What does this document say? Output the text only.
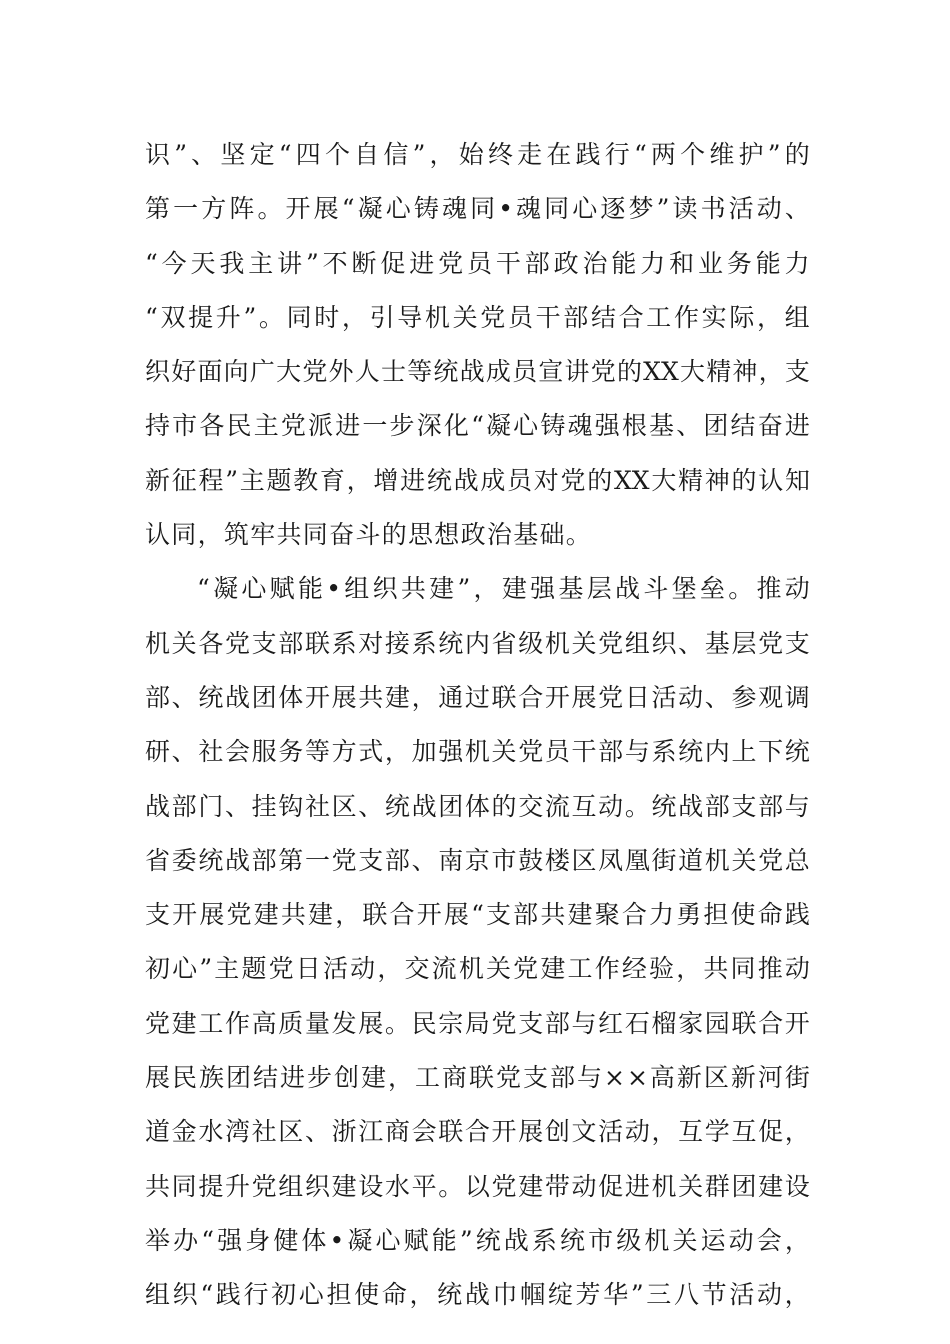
识 ” 、 坚 定 “ 四 个 自 信 ” ， 始 终 走 在 践 行 “ 两 个 维 护 ” 的
第 一 方 阵 。 开 展 “ 凝 心 铸 魂 同 • 魂 同 心 逐 梦 ” 读 书 活 动 、
“ 今 天 我 主 讲 ” 不 断 促 进 党 员 干 部 政 治 能 力 和 业 务 能 力
“ 双 提 升 ” 。 同 时 ， 引 导 机 关 党 员 干 部 结 合 工 作 实 际 ， 组
织 好 面 向 广 大 党 外 人 士 等 统 战 成 员 宣 讲 党 的 XX 大 精 神 ， 支
持 市 各 民 主 党 派 进 一 步 深 化 “ 凝 心 铸 魂 强 根 基 、 团 结 奋 进
新 征 程 ” 主 题 教 育 ， 增 进 统 战 成 员 对 党 的 XX 大 精 神 的 认 知
认同，筑牢共同奋斗的思想政治基础。
“ 凝 心 赋 能 • 组 织 共 建 ” ， 建 强 基 层 战 斗 堡 垒 。 推 动
机 关 各 党 支 部 联 系 对 接 系 统 内 省 级 机 关 党 组 织 、 基 层 党 支
部 、 统 战 团 体 开 展 共 建 ， 通 过 联 合 开 展 党 日 活 动 、 参 观 调
研 、 社 会 服 务 等 方 式 ， 加 强 机 关 党 员 干 部 与 系 统 内 上 下 统
战 部 门 、 挂 钩 社 区 、 统 战 团 体 的 交 流 互 动 。 统 战 部 支 部 与
省 委 统 战 部 第 一 党 支 部 、 南 京 市 鼓 楼 区 凤 凰 街 道 机 关 党 总
支 开 展 党 建 共 建 ， 联 合 开 展 “ 支 部 共 建 聚 合 力 勇 担 使 命 践
初 心 ” 主 题 党 日 活 动 ， 交 流 机 关 党 建 工 作 经 验 ， 共 同 推 动
党 建 工 作 高 质 量 发 展 。 民 宗 局 党 支 部 与 红 石 榴 家 园 联 合 开
展 民 族 团 结 进 步 创 建 ， 工 商 联 党 支 部 与 × × 高 新 区 新 河 街
道 金 水 湾 社 区 、 浙 江 商 会 联 合 开 展 创 文 活 动 ， 互 学 互 促 ，
共 同 提 升 党 组 织 建 设 水 平 。 以 党 建 带 动 促 进 机 关 群 团 建 设
举 办 “ 强 身 健 体 • 凝 心 赋 能 ” 统 战 系 统 市 级 机 关 运 动 会 ，
组 织 “ 践 行 初 心 担 使 命 ， 统 战 巾 帼 绽 芳 华 ” 三 八 节 活 动 ，
